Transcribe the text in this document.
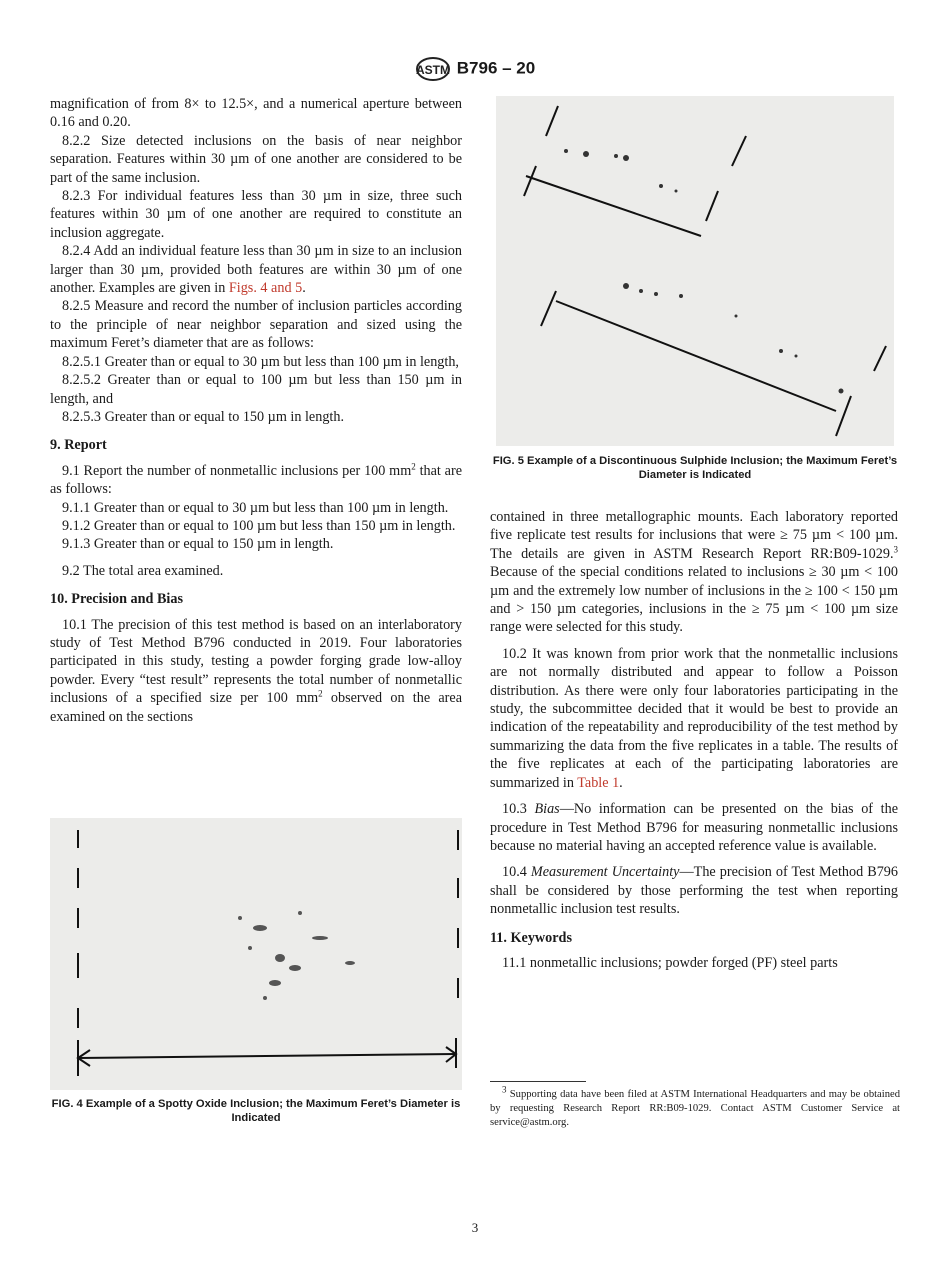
ASTM B796 – 20

magnification of from 8× to 12.5×, and a numerical aperture between 0.16 and 0.20.

8.2.2 Size detected inclusions on the basis of near neighbor separation. Features within 30 µm of one another are considered to be part of the same inclusion.

8.2.3 For individual features less than 30 µm in size, three such features within 30 µm of one another are required to constitute an inclusion aggregate.

8.2.4 Add an individual feature less than 30 µm in size to an inclusion larger than 30 µm, provided both features are within 30 µm of one another. Examples are given in Figs. 4 and 5.

8.2.5 Measure and record the number of inclusion particles according to the principle of near neighbor separation and sized using the maximum Feret’s diameter that are as follows:

8.2.5.1 Greater than or equal to 30 µm but less than 100 µm in length,

8.2.5.2 Greater than or equal to 100 µm but less than 150 µm in length, and

8.2.5.3 Greater than or equal to 150 µm in length.

9. Report

9.1 Report the number of nonmetallic inclusions per 100 $mm^2$ that are as follows:

9.1.1 Greater than or equal to 30 µm but less than 100 µm in length.

9.1.2 Greater than or equal to 100 µm but less than 150 µm in length.

9.1.3 Greater than or equal to 150 µm in length.

9.2 The total area examined.

10. Precision and Bias

10.1 The precision of this test method is based on an interlaboratory study of Test Method B796 conducted in 2019. Four laboratories participated in this study, testing a powder forging grade low-alloy powder. Every “test result” represents the total number of nonmetallic inclusions of a specified size per 100 $mm^2$ observed on the area examined on the sections

FIG. 5 Example of a Discontinuous Sulphide Inclusion; the Maximum Feret’s Diameter is Indicated

contained in three metallographic mounts. Each laboratory reported five replicate test results for inclusions that were ≥ 75 µm < 100 µm. The details are given in ASTM Research Report RR:B09-1029.$^3$ Because of the special conditions related to inclusions ≥ 30 µm < 100 µm and the extremely low number of inclusions in the ≥ 100 < 150 µm and > 150 µm categories, inclusions in the ≥ 75 µm < 100 µm size range were selected for this study.

10.2 It was known from prior work that the nonmetallic inclusions are not normally distributed and appear to follow a Poisson distribution. As there were only four laboratories participating in the study, the subcommittee decided that it would be best to provide an indication of the repeatability and reproducibility of the test method by summarizing the data from the five replicates in a table. The results of the five replicates at each of the participating laboratories are summarized in Table 1.

10.3 Bias—No information can be presented on the bias of the procedure in Test Method B796 for measuring nonmetallic inclusions because no material having an accepted reference value is available.

10.4 Measurement Uncertainty—The precision of Test Method B796 shall be considered by those performing the test when reporting nonmetallic inclusion test results.

11. Keywords

11.1 nonmetallic inclusions; powder forged (PF) steel parts

FIG. 4 Example of a Spotty Oxide Inclusion; the Maximum Feret’s Diameter is Indicated

$^3$ Supporting data have been filed at ASTM International Headquarters and may be obtained by requesting Research Report RR:B09-1029. Contact ASTM Customer Service at service@astm.org.

3
